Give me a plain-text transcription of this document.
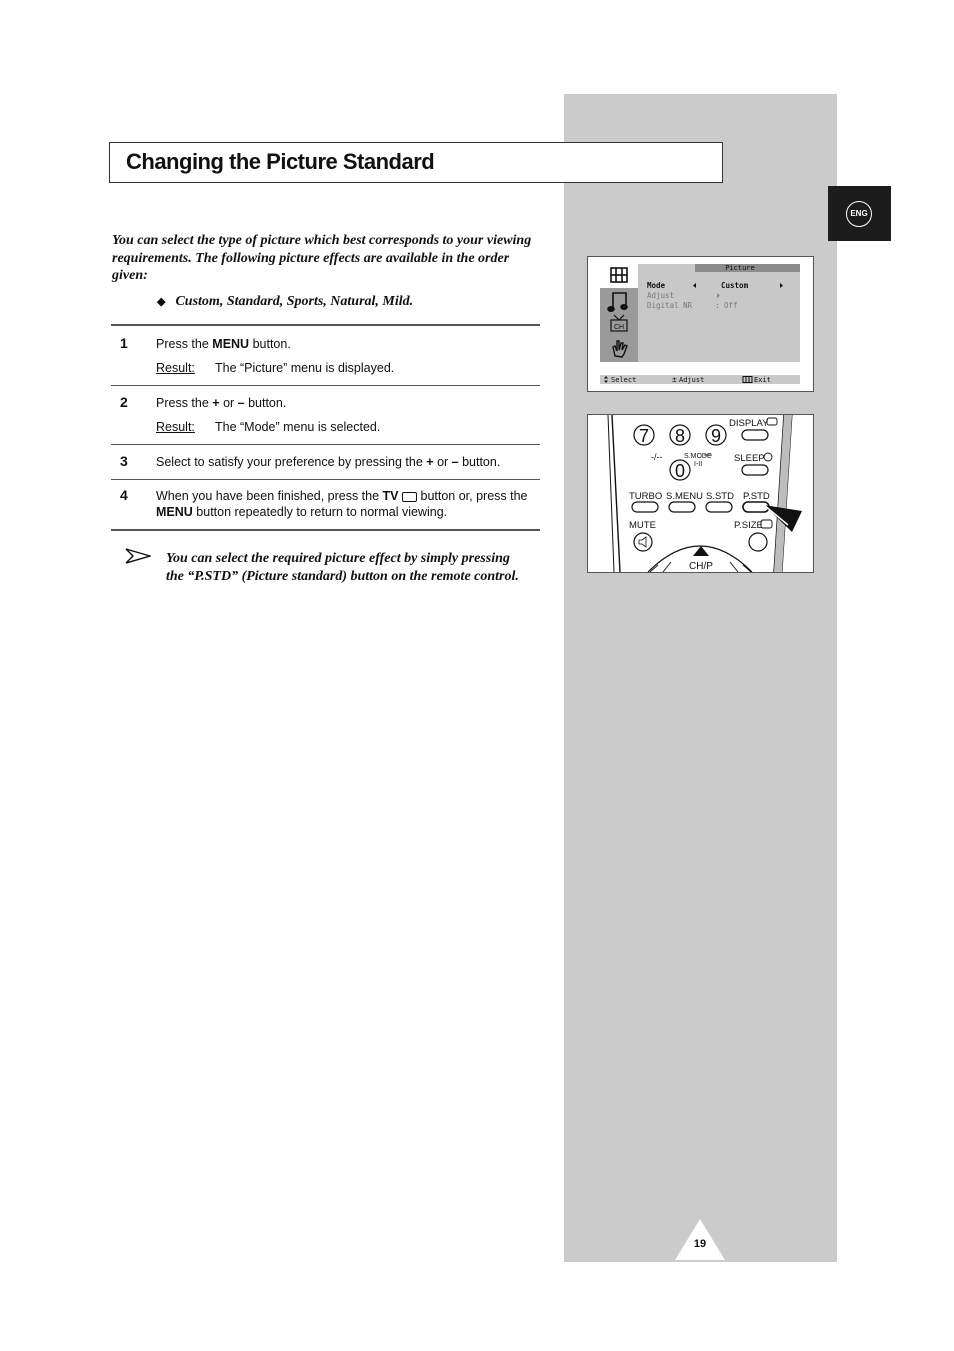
ENG
Changing the Picture Standard
You can select the type of picture which best corresponds to your viewing requirements. The following picture effects are available in the order given:
◆ Custom, Standard, Sports, Natural, Mild.
1 Press the MENU button.
Result: The “Picture” menu is displayed.
2 Press the + or – button.
Result: The “Mode” menu is selected.
3 Select to satisfy your preference by pressing the + or – button.
4 When you have been finished, press the TV  button or, press the MENU button repeatedly to return to normal viewing.
You can select the required picture effect by simply pressing the “P.STD” (Picture standard) button on the remote control.
CH
Picture
Mode	Custom
Adjust
Digital NR	: Off
Select	± Adjust	Exit
7 8 9
0
-/--	S.MODE
I-II
DISPLAY
SLEEP
TURBO S.MENU S.STD P.STD
MUTE	P.SIZE
CH/P
19
